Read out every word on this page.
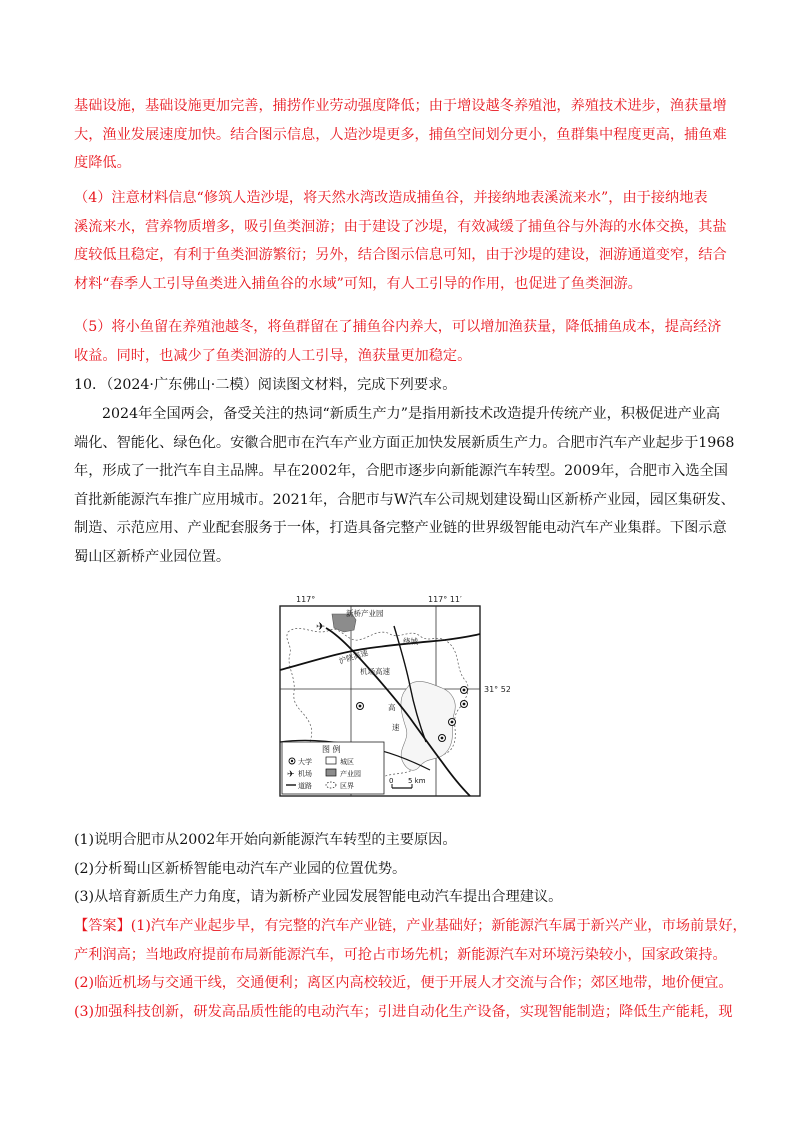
基础设施，基础设施更加完善，捕捞作业劳动强度降低；由于增设越冬养殖池，养殖技术进步，渔获量增
大，渔业发展速度加快。结合图示信息，人造沙堤更多，捕鱼空间划分更小，鱼群集中程度更高，捕鱼难
度降低。
（4）注意材料信息“修筑人造沙堤，将天然水湾改造成捕鱼谷，并接纳地表溪流来水”，由于接纳地表
溪流来水，营养物质增多，吸引鱼类洄游；由于建设了沙堤，有效减缓了捕鱼谷与外海的水体交换，其盐
度较低且稳定，有利于鱼类洄游繁衍；另外，结合图示信息可知，由于沙堤的建设，洄游通道变窄，结合
材料“春季人工引导鱼类进入捕鱼谷的水域”可知，有人工引导的作用，也促进了鱼类洄游。
（5）将小鱼留在养殖池越冬，将鱼群留在了捕鱼谷内养大，可以增加渔获量，降低捕鱼成本，提高经济
收益。同时，也减少了鱼类洄游的人工引导，渔获量更加稳定。
10．（2024·广东佛山·二模）阅读图文材料，完成下列要求。
2024年全国两会，备受关注的热词“新质生产力”是指用新技术改造提升传统产业，积极促进产业高
端化、智能化、绿色化。安徽合肥市在汽车产业方面正加快发展新质生产力。合肥市汽车产业起步于1968
年，形成了一批汽车自主品牌。早在2002年，合肥市逐步向新能源汽车转型。2009年，合肥市入选全国
首批新能源汽车推广应用城市。2021年，合肥市与W汽车公司规划建设蜀山区新桥产业园，园区集研发、
制造、示范应用、产业配套服务于一体，打造具备完整产业链的世界级智能电动汽车产业集群。下图示意
蜀山区新桥产业园位置。
117°	117° 11′
新桥产业园
✈
沪陕高速
机场高速
绕城
高
速
31° 52′
图 例
大学	城区
✈ 机场	产业园
道路	区界
0 5 km
(1)说明合肥市从2002年开始向新能源汽车转型的主要原因。
(2)分析蜀山区新桥智能电动汽车产业园的位置优势。
(3)从培育新质生产力角度，请为新桥产业园发展智能电动汽车提出合理建议。
【答案】(1)汽车产业起步早，有完整的汽车产业链，产业基础好；新能源汽车属于新兴产业，市场前景好，
产利润高；当地政府提前布局新能源汽车，可抢占市场先机；新能源汽车对环境污染较小，国家政策持。
(2)临近机场与交通干线，交通便利；离区内高校较近，便于开展人才交流与合作；郊区地带，地价便宜。
(3)加强科技创新，研发高品质性能的电动汽车；引进自动化生产设备，实现智能制造；降低生产能耗，现
